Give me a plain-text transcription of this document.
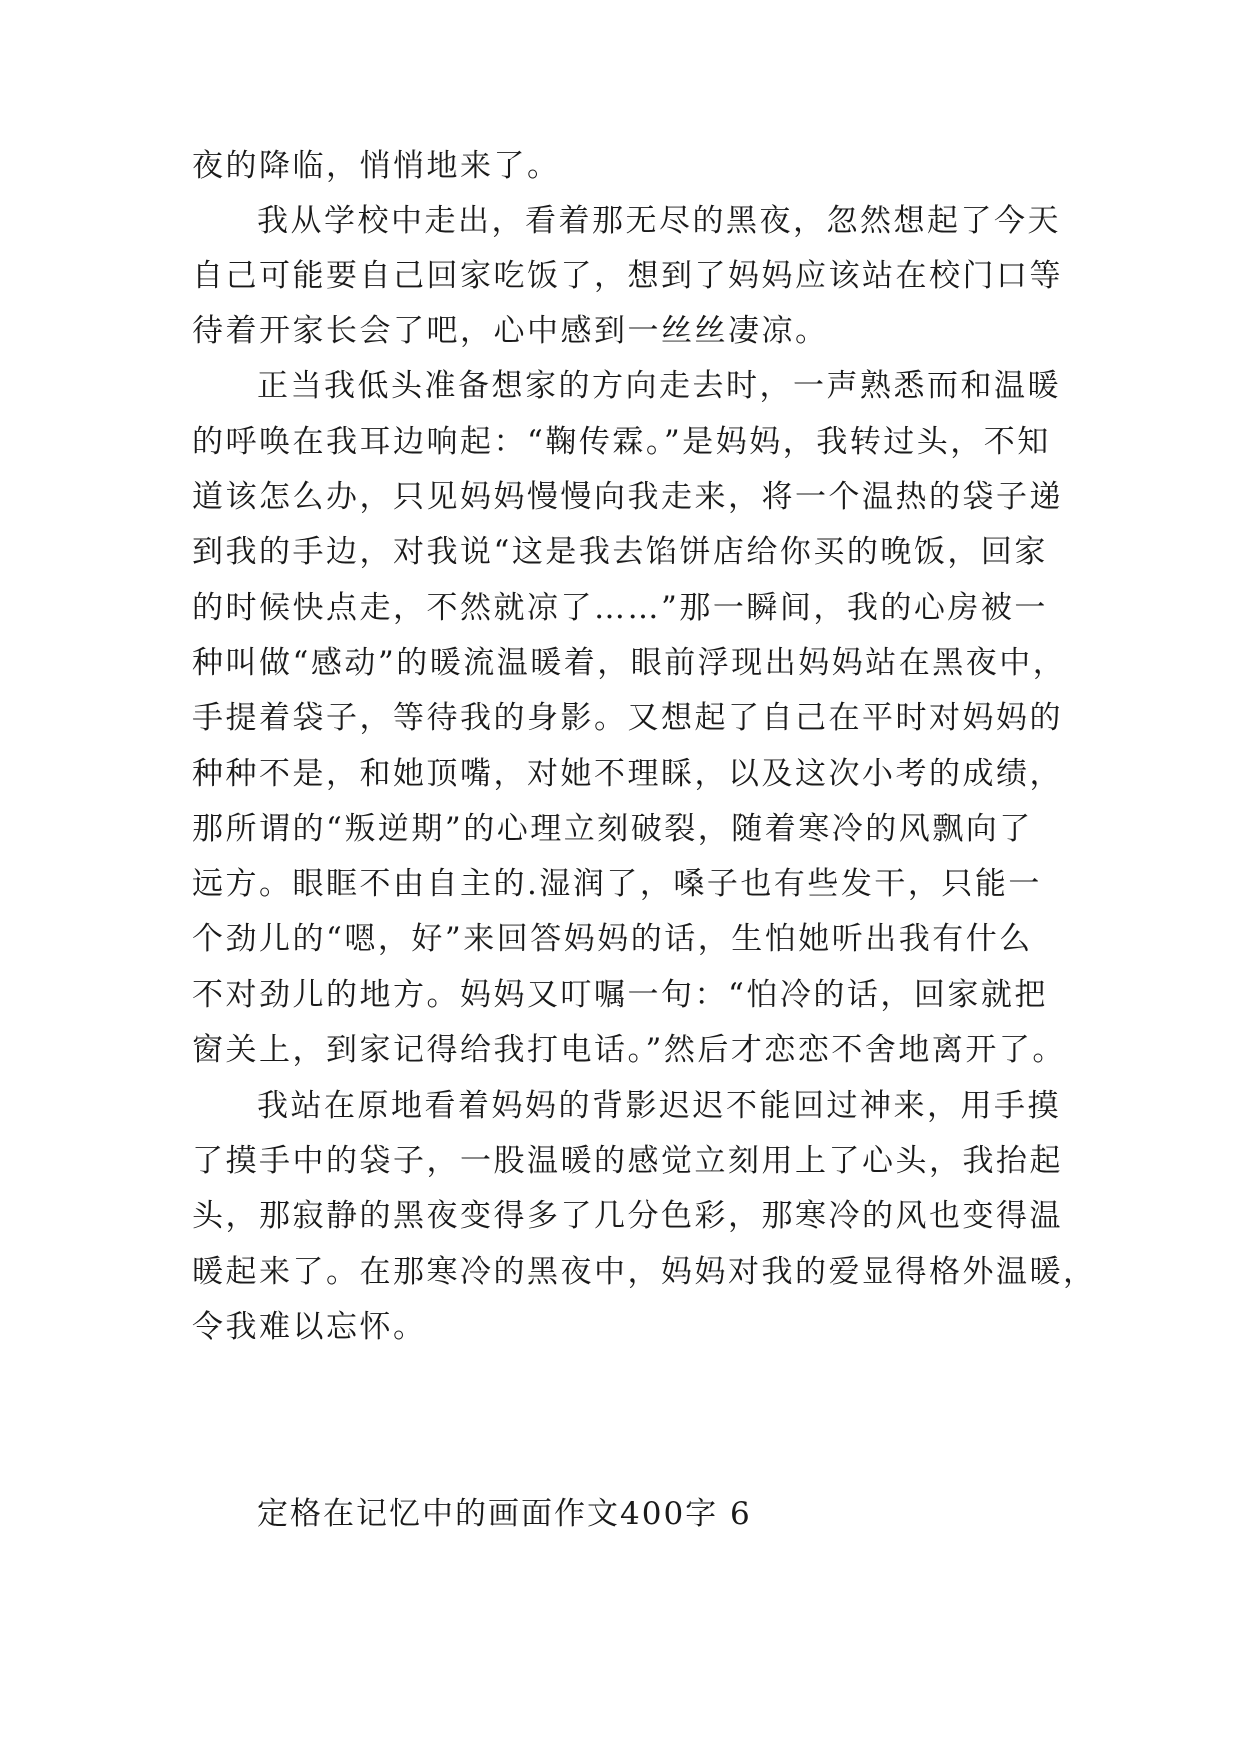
夜的降临，悄悄地来了。
我从学校中走出，看着那无尽的黑夜，忽然想起了今天
自己可能要自己回家吃饭了，想到了妈妈应该站在校门口等
待着开家长会了吧，心中感到一丝丝凄凉。
正当我低头准备想家的方向走去时，一声熟悉而和温暖
的呼唤在我耳边响起：“鞠传霖。”是妈妈，我转过头，不知
道该怎么办，只见妈妈慢慢向我走来，将一个温热的袋子递
到我的手边，对我说“这是我去馅饼店给你买的晚饭，回家
的时候快点走，不然就凉了……”那一瞬间，我的心房被一
种叫做“感动”的暖流温暖着，眼前浮现出妈妈站在黑夜中，
手提着袋子，等待我的身影。又想起了自己在平时对妈妈的
种种不是，和她顶嘴，对她不理睬，以及这次小考的成绩，
那所谓的“叛逆期”的心理立刻破裂，随着寒冷的风飘向了
远方。眼眶不由自主的.湿润了，嗓子也有些发干，只能一
个劲儿的“嗯，好”来回答妈妈的话，生怕她听出我有什么
不对劲儿的地方。妈妈又叮嘱一句：“怕冷的话，回家就把
窗关上，到家记得给我打电话。”然后才恋恋不舍地离开了。
我站在原地看着妈妈的背影迟迟不能回过神来，用手摸
了摸手中的袋子，一股温暖的感觉立刻用上了心头，我抬起
头，那寂静的黑夜变得多了几分色彩，那寒冷的风也变得温
暖起来了。在那寒冷的黑夜中，妈妈对我的爱显得格外温暖，
令我难以忘怀。
定格在记忆中的画面作文400字 6
